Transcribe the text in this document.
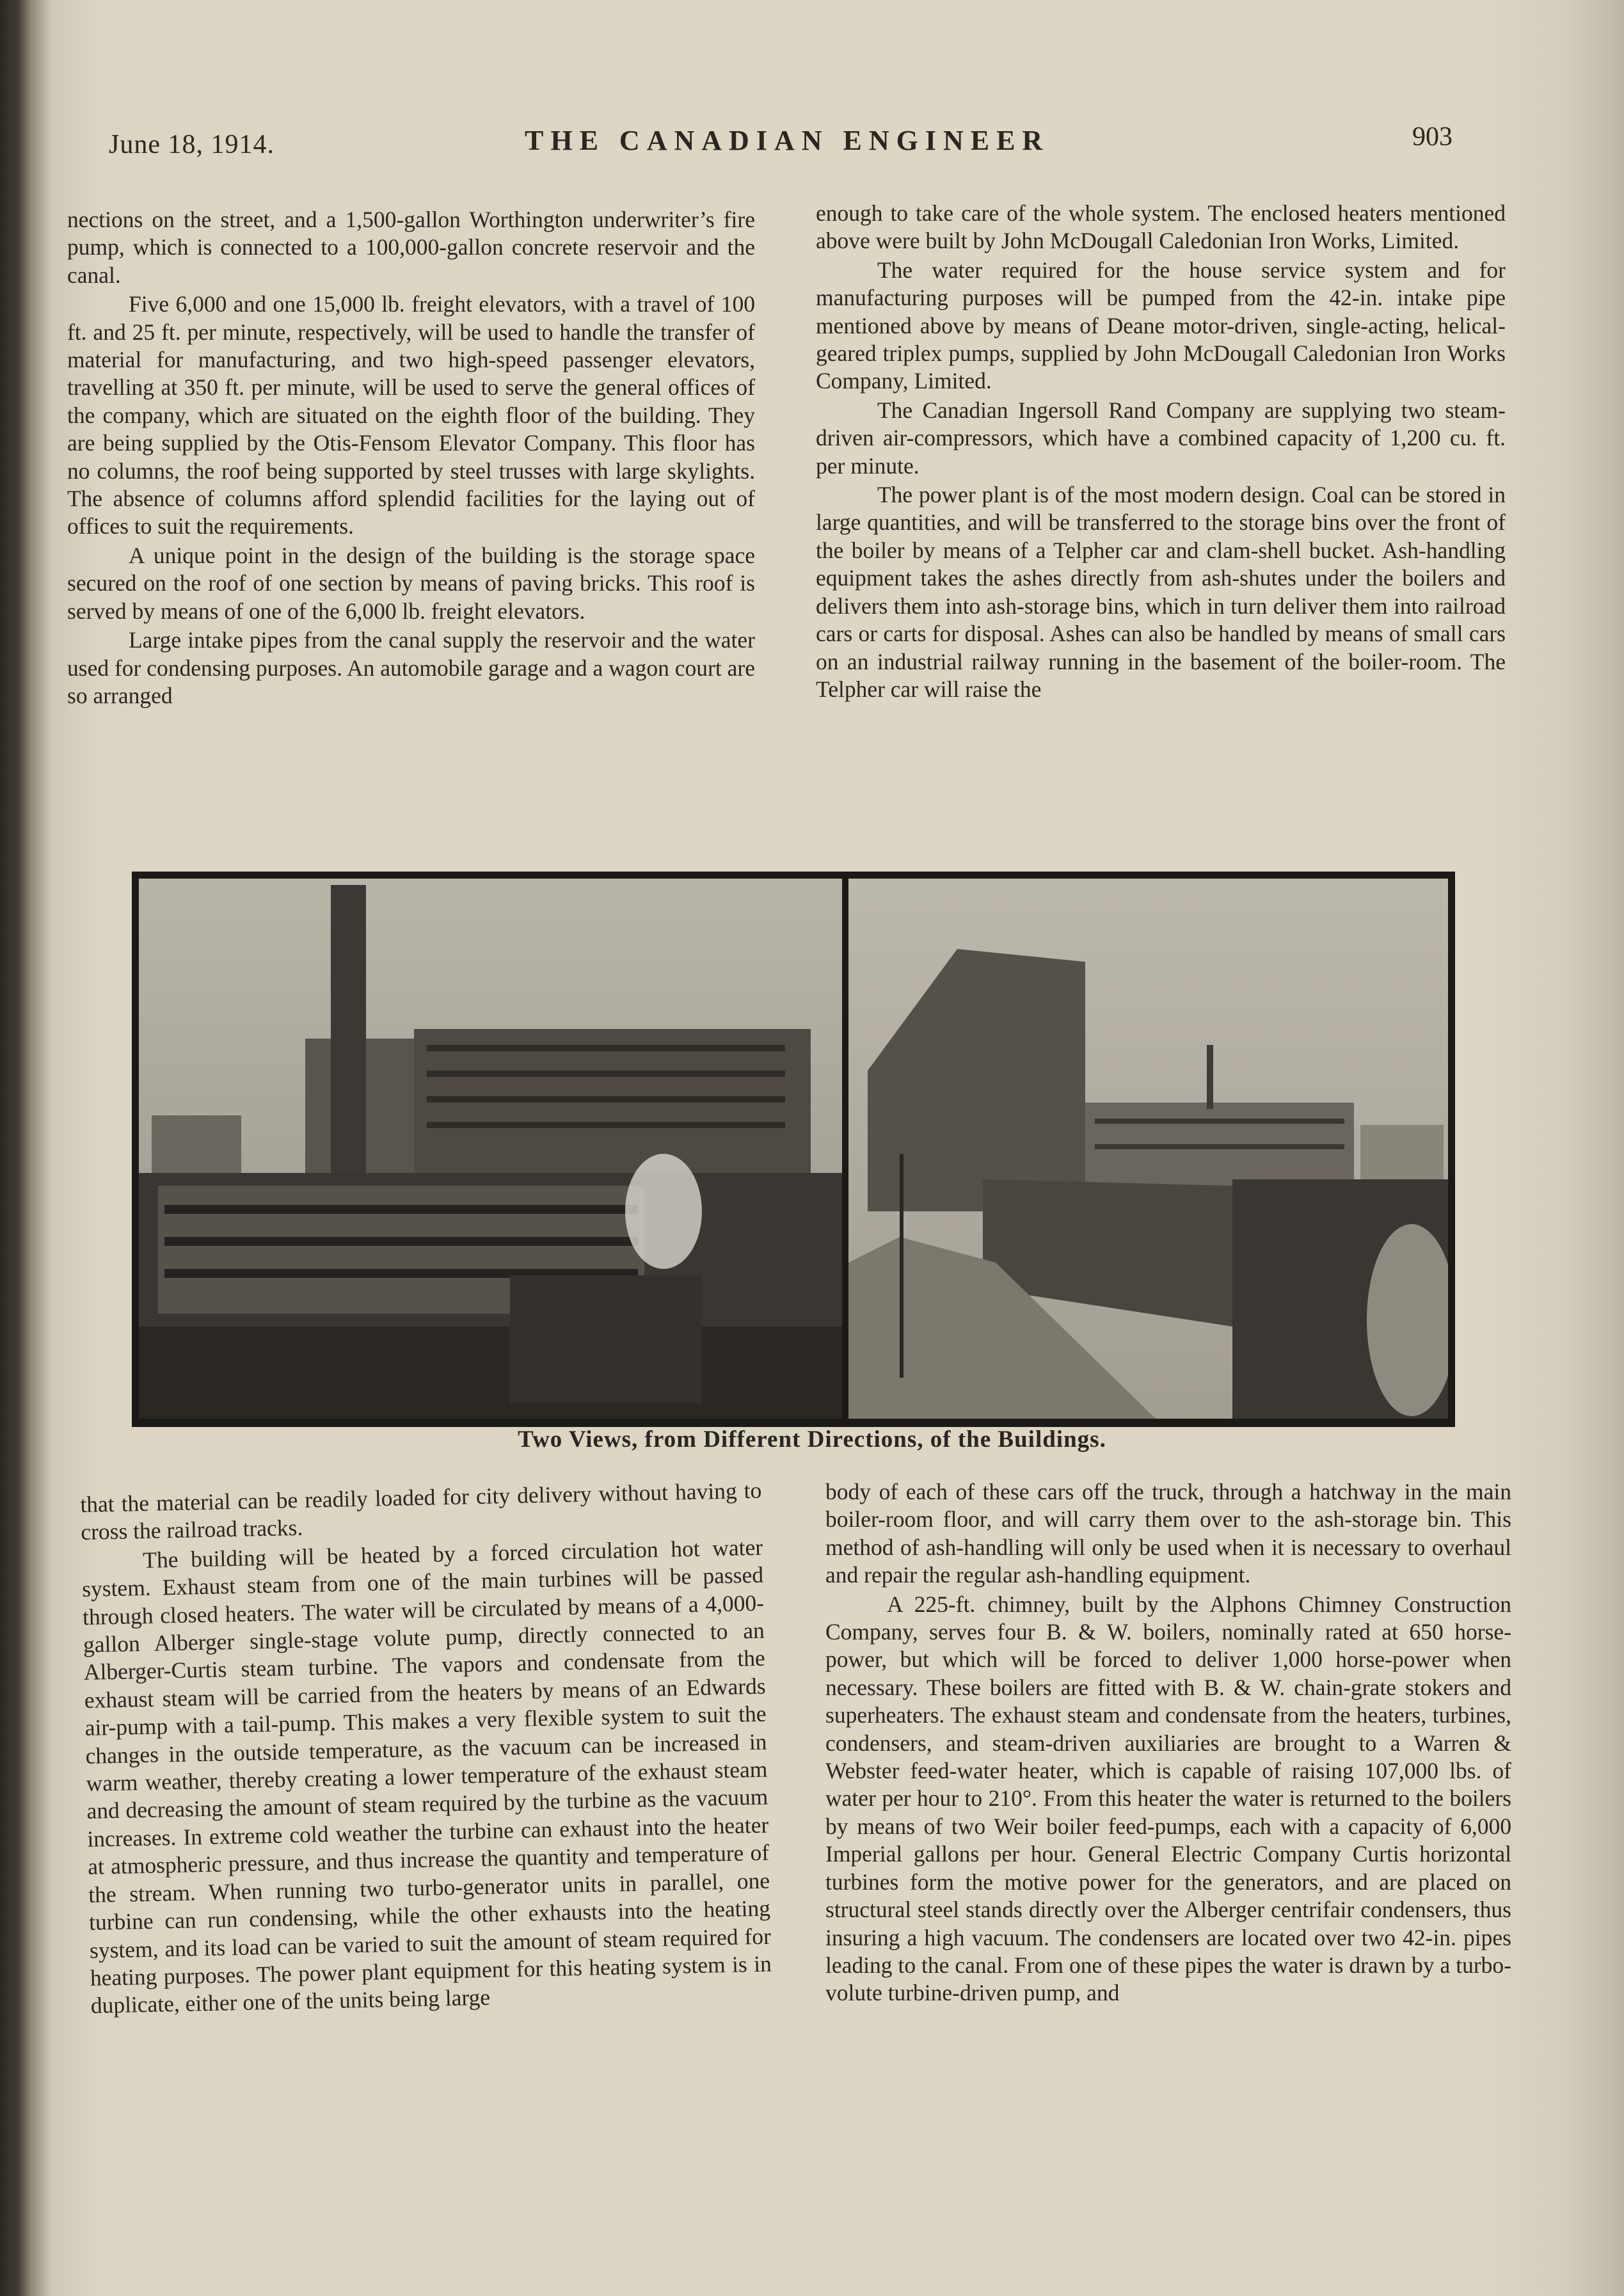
June 18, 1914.	THE CANADIAN ENGINEER	903

nections on the street, and a 1,500-gallon Worthington underwriter’s fire pump, which is connected to a 100,000-gallon concrete reservoir and the canal.

Five 6,000 and one 15,000 lb. freight elevators, with a travel of 100 ft. and 25 ft. per minute, respectively, will be used to handle the transfer of material for manufacturing, and two high-speed passenger elevators, travelling at 350 ft. per minute, will be used to serve the general offices of the company, which are situated on the eighth floor of the building. They are being supplied by the Otis-Fensom Elevator Company. This floor has no columns, the roof being supported by steel trusses with large skylights. The absence of columns afford splendid facilities for the laying out of offices to suit the requirements.

A unique point in the design of the building is the storage space secured on the roof of one section by means of paving bricks. This roof is served by means of one of the 6,000 lb. freight elevators.

Large intake pipes from the canal supply the reservoir and the water used for condensing purposes. An automobile garage and a wagon court are so arranged

enough to take care of the whole system. The enclosed heaters mentioned above were built by John McDougall Caledonian Iron Works, Limited.

The water required for the house service system and for manufacturing purposes will be pumped from the 42-in. intake pipe mentioned above by means of Deane motor-driven, single-acting, helical-geared triplex pumps, supplied by John McDougall Caledonian Iron Works Company, Limited.

The Canadian Ingersoll Rand Company are supplying two steam-driven air-compressors, which have a combined capacity of 1,200 cu. ft. per minute.

The power plant is of the most modern design. Coal can be stored in large quantities, and will be transferred to the storage bins over the front of the boiler by means of a Telpher car and clam-shell bucket. Ash-handling equipment takes the ashes directly from ash-shutes under the boilers and delivers them into ash-storage bins, which in turn deliver them into railroad cars or carts for disposal. Ashes can also be handled by means of small cars on an industrial railway running in the basement of the boiler-room. The Telpher car will raise the

Two Views, from Different Directions, of the Buildings.

that the material can be readily loaded for city delivery without having to cross the railroad tracks.

The building will be heated by a forced circulation hot water system. Exhaust steam from one of the main turbines will be passed through closed heaters. The water will be circulated by means of a 4,000-gallon Alberger single-stage volute pump, directly connected to an Alberger-Curtis steam turbine. The vapors and condensate from the exhaust steam will be carried from the heaters by means of an Edwards air-pump with a tail-pump. This makes a very flexible system to suit the changes in the outside temperature, as the vacuum can be increased in warm weather, thereby creating a lower temperature of the exhaust steam and decreasing the amount of steam required by the turbine as the vacuum increases. In extreme cold weather the turbine can exhaust into the heater at atmospheric pressure, and thus increase the quantity and temperature of the stream. When running two turbo-generator units in parallel, one turbine can run condensing, while the other exhausts into the heating system, and its load can be varied to suit the amount of steam required for heating purposes. The power plant equipment for this heating system is in duplicate, either one of the units being large

body of each of these cars off the truck, through a hatchway in the main boiler-room floor, and will carry them over to the ash-storage bin. This method of ash-handling will only be used when it is necessary to overhaul and repair the regular ash-handling equipment.

A 225-ft. chimney, built by the Alphons Chimney Construction Company, serves four B. & W. boilers, nominally rated at 650 horse-power, but which will be forced to deliver 1,000 horse-power when necessary. These boilers are fitted with B. & W. chain-grate stokers and superheaters. The exhaust steam and condensate from the heaters, turbines, condensers, and steam-driven auxiliaries are brought to a Warren & Webster feed-water heater, which is capable of raising 107,000 lbs. of water per hour to 210°. From this heater the water is returned to the boilers by means of two Weir boiler feed-pumps, each with a capacity of 6,000 Imperial gallons per hour. General Electric Company Curtis horizontal turbines form the motive power for the generators, and are placed on structural steel stands directly over the Alberger centrifair condensers, thus insuring a high vacuum. The condensers are located over two 42-in. pipes leading to the canal. From one of these pipes the water is drawn by a turbo-volute turbine-driven pump, and
